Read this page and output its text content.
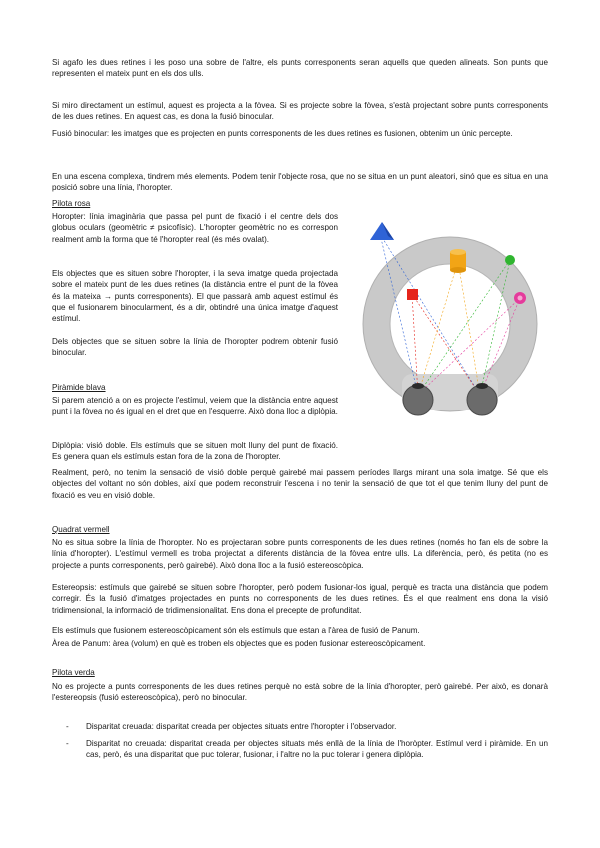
Si agafo les dues retines i les poso una sobre de l'altre, els punts corresponents seran aquells que queden alineats. Son punts que representen el mateix punt en els dos ulls.

Si miro directament un estímul, aquest es projecta a la fòvea. Si es projecte sobre la fòvea, s'està projectant sobre punts corresponents de les dues retines. En aquest cas, es dona la fusió binocular.

Fusió binocular: les imatges que es projecten en punts corresponents de les dues retines es fusionen, obtenim un únic percepte.

En una escena complexa, tindrem més elements. Podem tenir l'objecte rosa, que no se situa en un punt aleatori, sinó que es situa en una posició sobre una línia, l'horopter.

Pilota rosa

Horopter: línia imaginària que passa pel punt de fixació i el centre dels dos globus oculars (geomètric ≠ psicofísic). L'horopter geomètric no es correspon realment amb la forma que té l'horopter real (és més ovalat).

Els objectes que es situen sobre l'horopter, i la seva imatge queda projectada sobre el mateix punt de les dues retines (la distància entre el punt de la fòvea és la mateixa → punts corresponents). El que passarà amb aquest estímul és que el fusionarem binocularment, és a dir, obtindré una única imatge d'aquest estímul.

Dels objectes que se situen sobre la línia de l'horopter podrem obtenir fusió binocular.

Piràmide blava

Si parem atenció a on es projecte l'estímul, veiem que la distància entre aquest punt i la fòvea no és igual en el dret que en l'esquerre. Això dona lloc a diplòpia.

Diplòpia: visió doble. Els estímuls que se situen molt lluny del punt de fixació. Es genera quan els estímuls estan fora de la zona de l'horopter.

Realment, però, no tenim la sensació de visió doble perquè gairebé mai passem períodes llargs mirant una sola imatge. Sé que els objectes del voltant no són dobles, així que podem reconstruir l'escena i no tenir la sensació de que tot el que tenim lluny del punt de fixació es veu en visió doble.

Quadrat vermell

No es situa sobre la línia de l'horopter. No es projectaran sobre punts corresponents de les dues retines (només ho fan els de sobre la línia d'horopter). L'estímul vermell es troba projectat a diferents distància de la fòvea entre ulls. La diferència, però, és petita (no es projecte a punts corresponents, però gairebé). Això dona lloc a la fusió estereoscòpica.

Estereopsis: estímuls que gairebé se situen sobre l'horopter, però podem fusionar-los igual, perquè es tracta una distància que podem corregir. És la fusió d'imatges projectades en punts no corresponents de les dues retines. És el que realment ens dona la visió tridimensional, la informació de tridimensionalitat. Ens dona el precepte de profunditat.

Els estímuls que fusionem estereoscòpicament són els estímuls que estan a l'àrea de fusió de Panum.

Àrea de Panum: àrea (volum) en què es troben els objectes que es poden fusionar estereoscòpicament.

Pilota verda

No es projecte a punts corresponents de les dues retines perquè no està sobre de la línia d'horopter, però gairebé. Per això, es donarà l'estereopsis (fusió estereoscòpica), però no binocular.

- Disparitat creuada: disparitat creada per objectes situats entre l'horopter i l'observador.
- Disparitat no creuada: disparitat creada per objectes situats més enllà de la línia de l'horòpter. Estímul verd i piràmide. En un cas, però, és una disparitat que puc tolerar, fusionar, i l'altre no la puc tolerar i genera diplòpia.
